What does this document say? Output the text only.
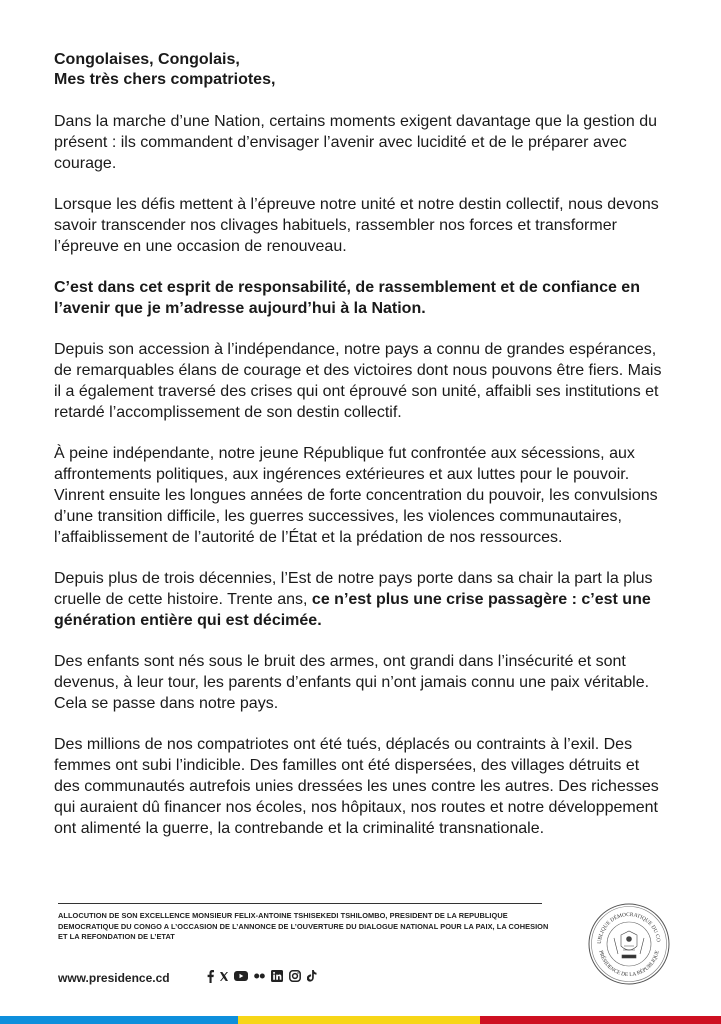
Congolaises, Congolais,
Mes très chers compatriotes,

Dans la marche d’une Nation, certains moments exigent davantage que la gestion du présent : ils commandent d’envisager l’avenir avec lucidité et de le préparer avec courage.

Lorsque les défis mettent à l’épreuve notre unité et notre destin collectif, nous devons savoir transcender nos clivages habituels, rassembler nos forces et transformer l’épreuve en une occasion de renouveau.

C’est dans cet esprit de responsabilité, de rassemblement et de confiance en l’avenir que je m’adresse aujourd’hui à la Nation.

Depuis son accession à l’indépendance, notre pays a connu de grandes espérances, de remarquables élans de courage et des victoires dont nous pouvons être fiers. Mais il a également traversé des crises qui ont éprouvé son unité, affaibli ses institutions et retardé l’accomplissement de son destin collectif.

À peine indépendante, notre jeune République fut confrontée aux sécessions, aux affrontements politiques, aux ingérences extérieures et aux luttes pour le pouvoir. Vinrent ensuite les longues années de forte concentration du pouvoir, les convulsions d’une transition difficile, les guerres successives, les violences communautaires, l’affaiblissement de l’autorité de l’État et la prédation de nos ressources.

Depuis plus de trois décennies, l’Est de notre pays porte dans sa chair la part la plus cruelle de cette histoire. Trente ans, ce n’est plus une crise passagère : c’est une génération entière qui est décimée.

Des enfants sont nés sous le bruit des armes, ont grandi dans l’insécurité et sont devenus, à leur tour, les parents d’enfants qui n’ont jamais connu une paix véritable. Cela se passe dans notre pays.

Des millions de nos compatriotes ont été tués, déplacés ou contraints à l’exil. Des femmes ont subi l’indicible. Des familles ont été dispersées, des villages détruits et des communautés autrefois unies dressées les unes contre les autres. Des richesses qui auraient dû financer nos écoles, nos hôpitaux, nos routes et notre développement ont alimenté la guerre, la contrebande et la criminalité transnationale.

ALLOCUTION DE SON EXCELLENCE MONSIEUR FELIX-ANTOINE TSHISEKEDI TSHILOMBO, PRESIDENT DE LA REPUBLIQUE DEMOCRATIQUE DU CONGO A L’OCCASION DE L’ANNONCE DE L’OUVERTURE DU DIALOGUE NATIONAL POUR LA PAIX, LA COHESION ET LA REFONDATION DE L’ETAT
www.presidence.cd
UBLIQUE DÉMOCRATIQUE DU CO
PRÉSIDENCE DE LA RÉPUBLIQUE
